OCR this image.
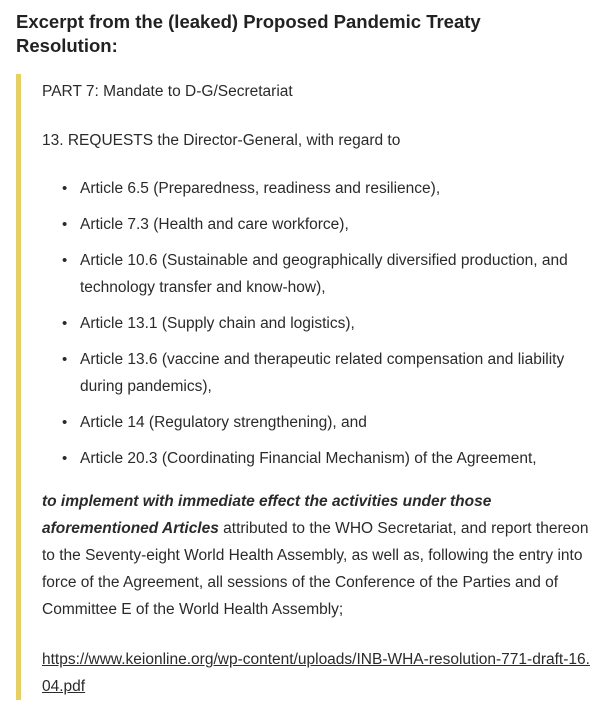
Excerpt from the (leaked) Proposed Pandemic Treaty Resolution:
PART 7: Mandate to D-G/Secretariat
13. REQUESTS the Director-General, with regard to
• Article 6.5 (Preparedness, readiness and resilience),
• Article 7.3 (Health and care workforce),
• Article 10.6 (Sustainable and geographically diversified production, and technology transfer and know-how),
• Article 13.1 (Supply chain and logistics),
• Article 13.6 (vaccine and therapeutic related compensation and liability during pandemics),
• Article 14 (Regulatory strengthening), and
• Article 20.3 (Coordinating Financial Mechanism) of the Agreement,
to implement with immediate effect the activities under those aforementioned Articles attributed to the WHO Secretariat, and report thereon to the Seventy-eight World Health Assembly, as well as, following the entry into force of the Agreement, all sessions of the Conference of the Parties and of Committee E of the World Health Assembly;
https://www.keionline.org/wp-content/uploads/INB-WHA-resolution-771-draft-16.04.pdf
